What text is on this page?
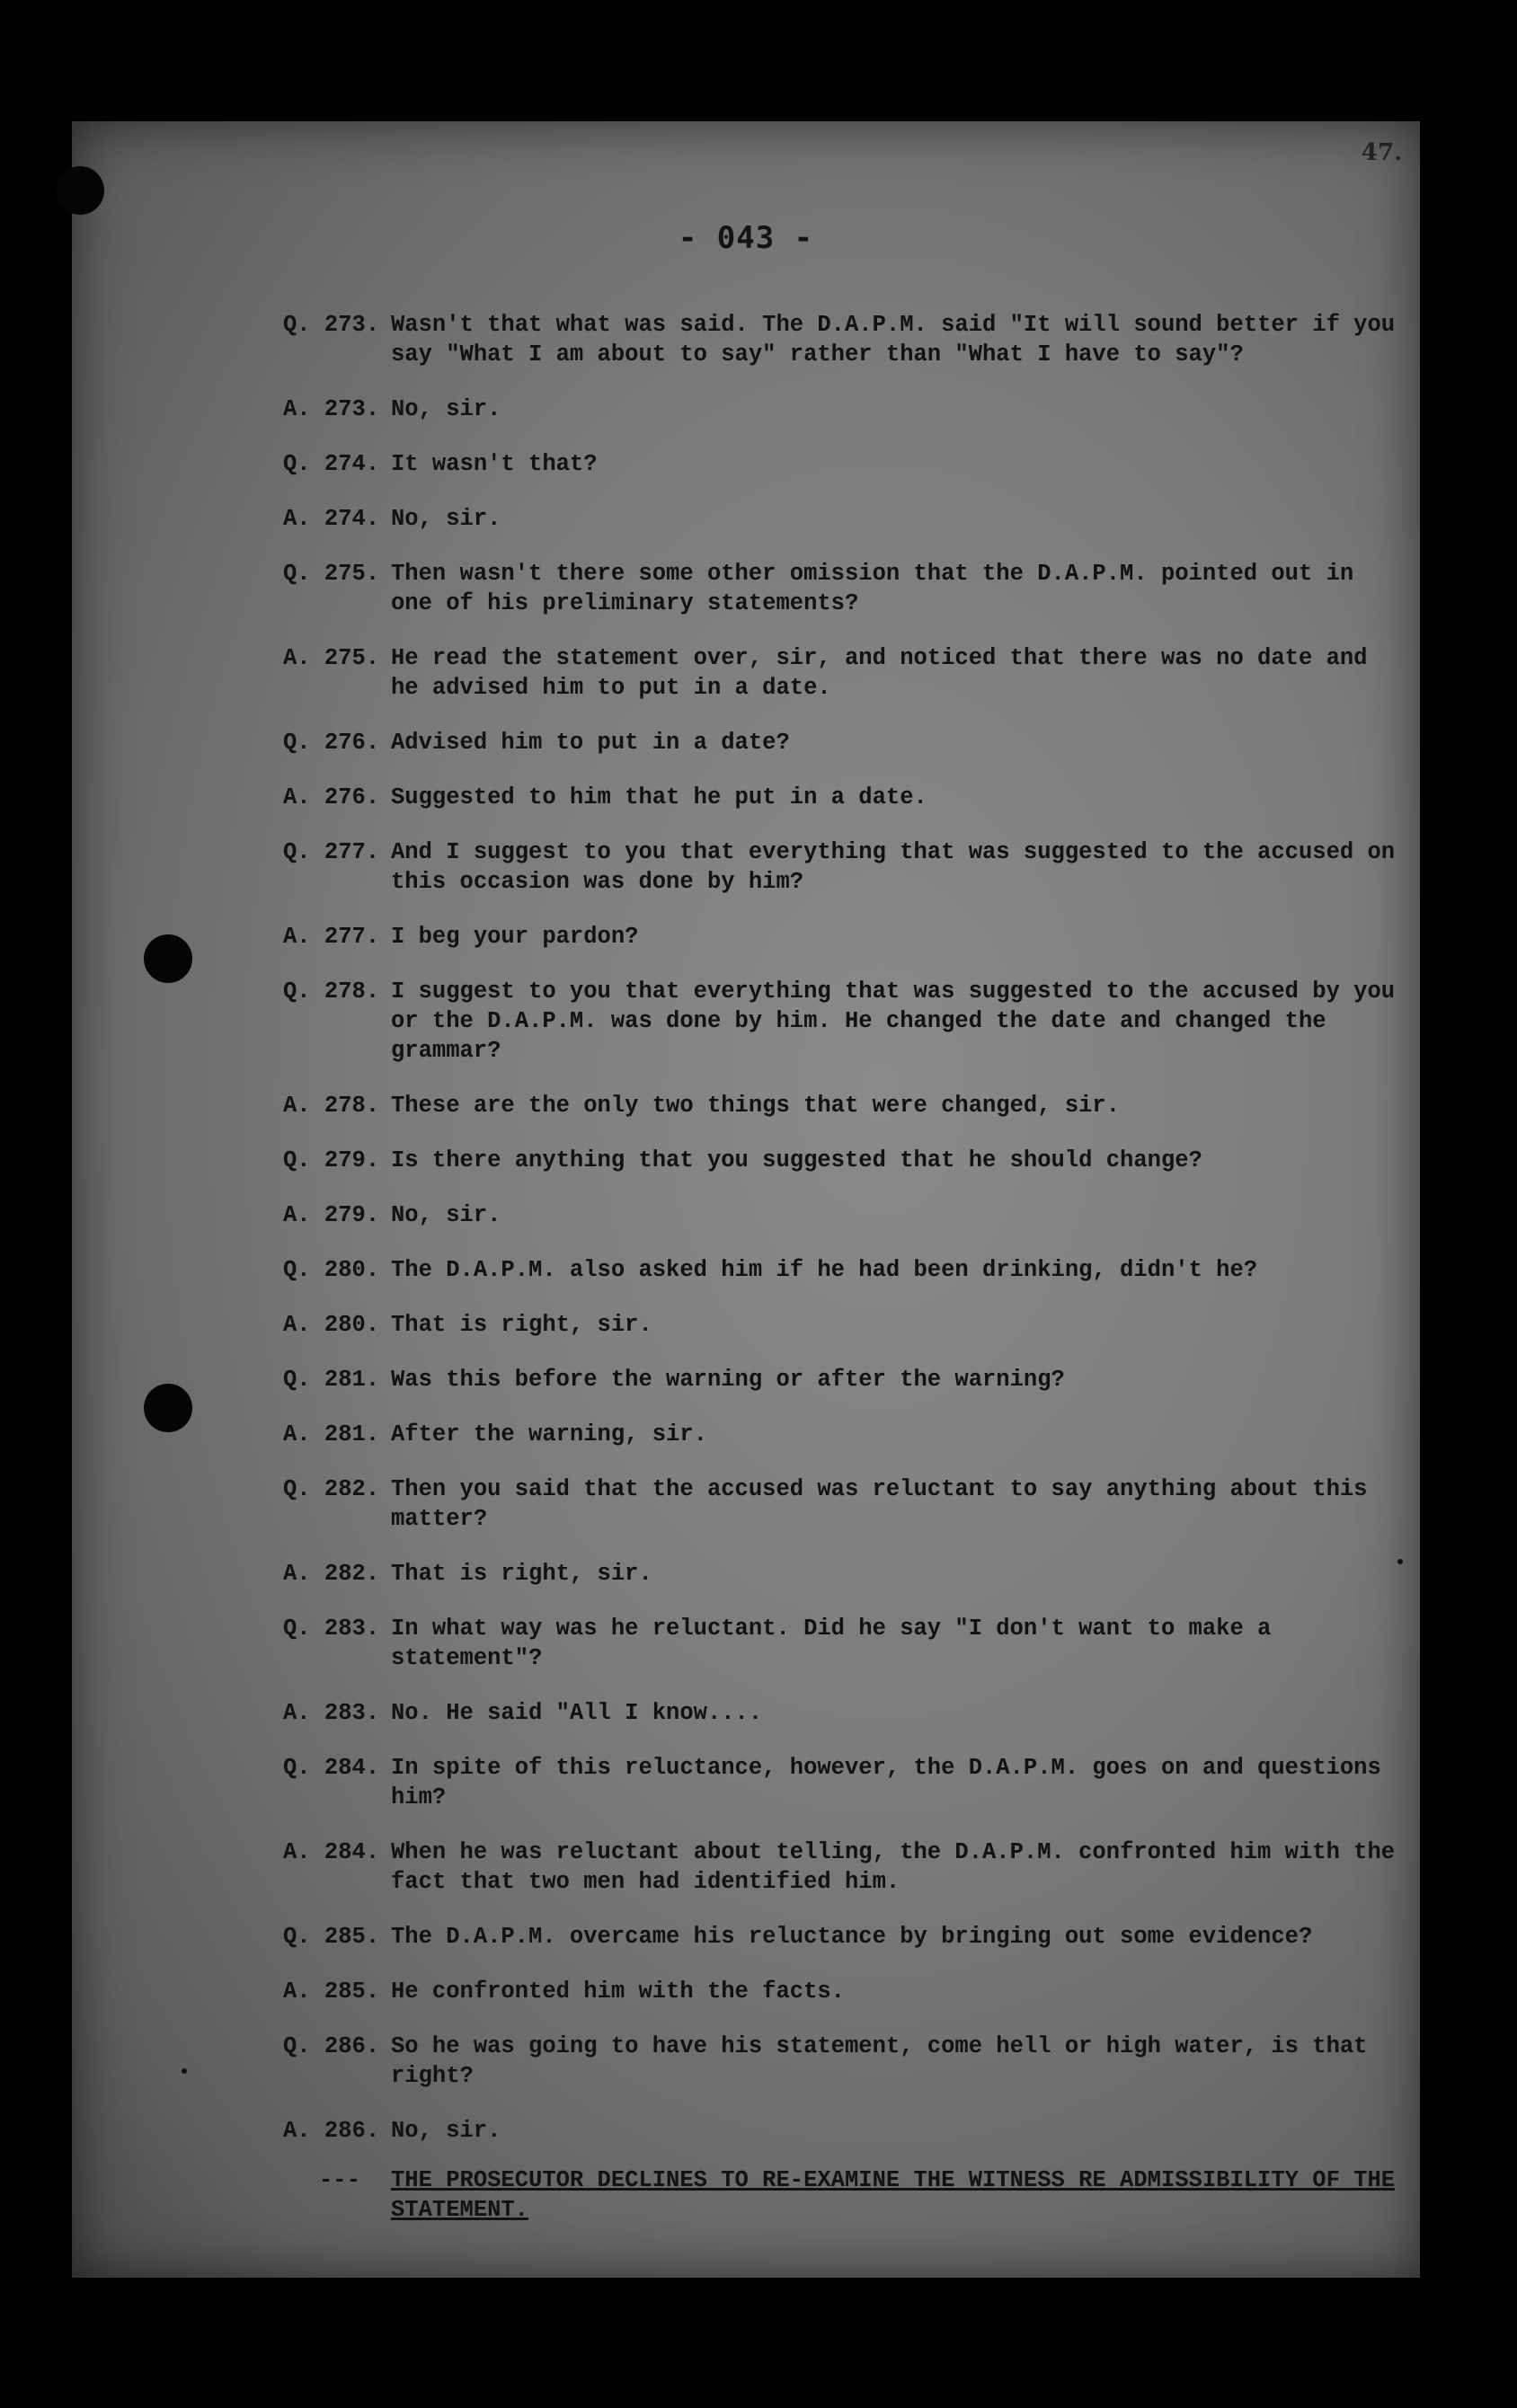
47.
- 043 -
Q. 273. Wasn't that what was said. The D.A.P.M. said "It will sound better if you say "What I am about to say" rather than "What I have to say"?
A. 273. No, sir.
Q. 274. It wasn't that?
A. 274. No, sir.
Q. 275. Then wasn't there some other omission that the D.A.P.M. pointed out in one of his preliminary statements?
A. 275. He read the statement over, sir, and noticed that there was no date and he advised him to put in a date.
Q. 276. Advised him to put in a date?
A. 276. Suggested to him that he put in a date.
Q. 277. And I suggest to you that everything that was suggested to the accused on this occasion was done by him?
A. 277. I beg your pardon?
Q. 278. I suggest to you that everything that was suggested to the accused by you or the D.A.P.M. was done by him. He changed the date and changed the grammar?
A. 278. These are the only two things that were changed, sir.
Q. 279. Is there anything that you suggested that he should change?
A. 279. No, sir.
Q. 280. The D.A.P.M. also asked him if he had been drinking, didn't he?
A. 280. That is right, sir.
Q. 281. Was this before the warning or after the warning?
A. 281. After the warning, sir.
Q. 282. Then you said that the accused was reluctant to say anything about this matter?
A. 282. That is right, sir.
Q. 283. In what way was he reluctant. Did he say "I don't want to make a statement"?
A. 283. No. He said "All I know....
Q. 284. In spite of this reluctance, however, the D.A.P.M. goes on and questions him?
A. 284. When he was reluctant about telling, the D.A.P.M. confronted him with the fact that two men had identified him.
Q. 285. The D.A.P.M. overcame his reluctance by bringing out some evidence?
A. 285. He confronted him with the facts.
Q. 286. So he was going to have his statement, come hell or high water, is that right?
A. 286. No, sir.
---	THE PROSECUTOR DECLINES TO RE-EXAMINE THE WITNESS RE ADMISSIBILITY OF THE STATEMENT.
